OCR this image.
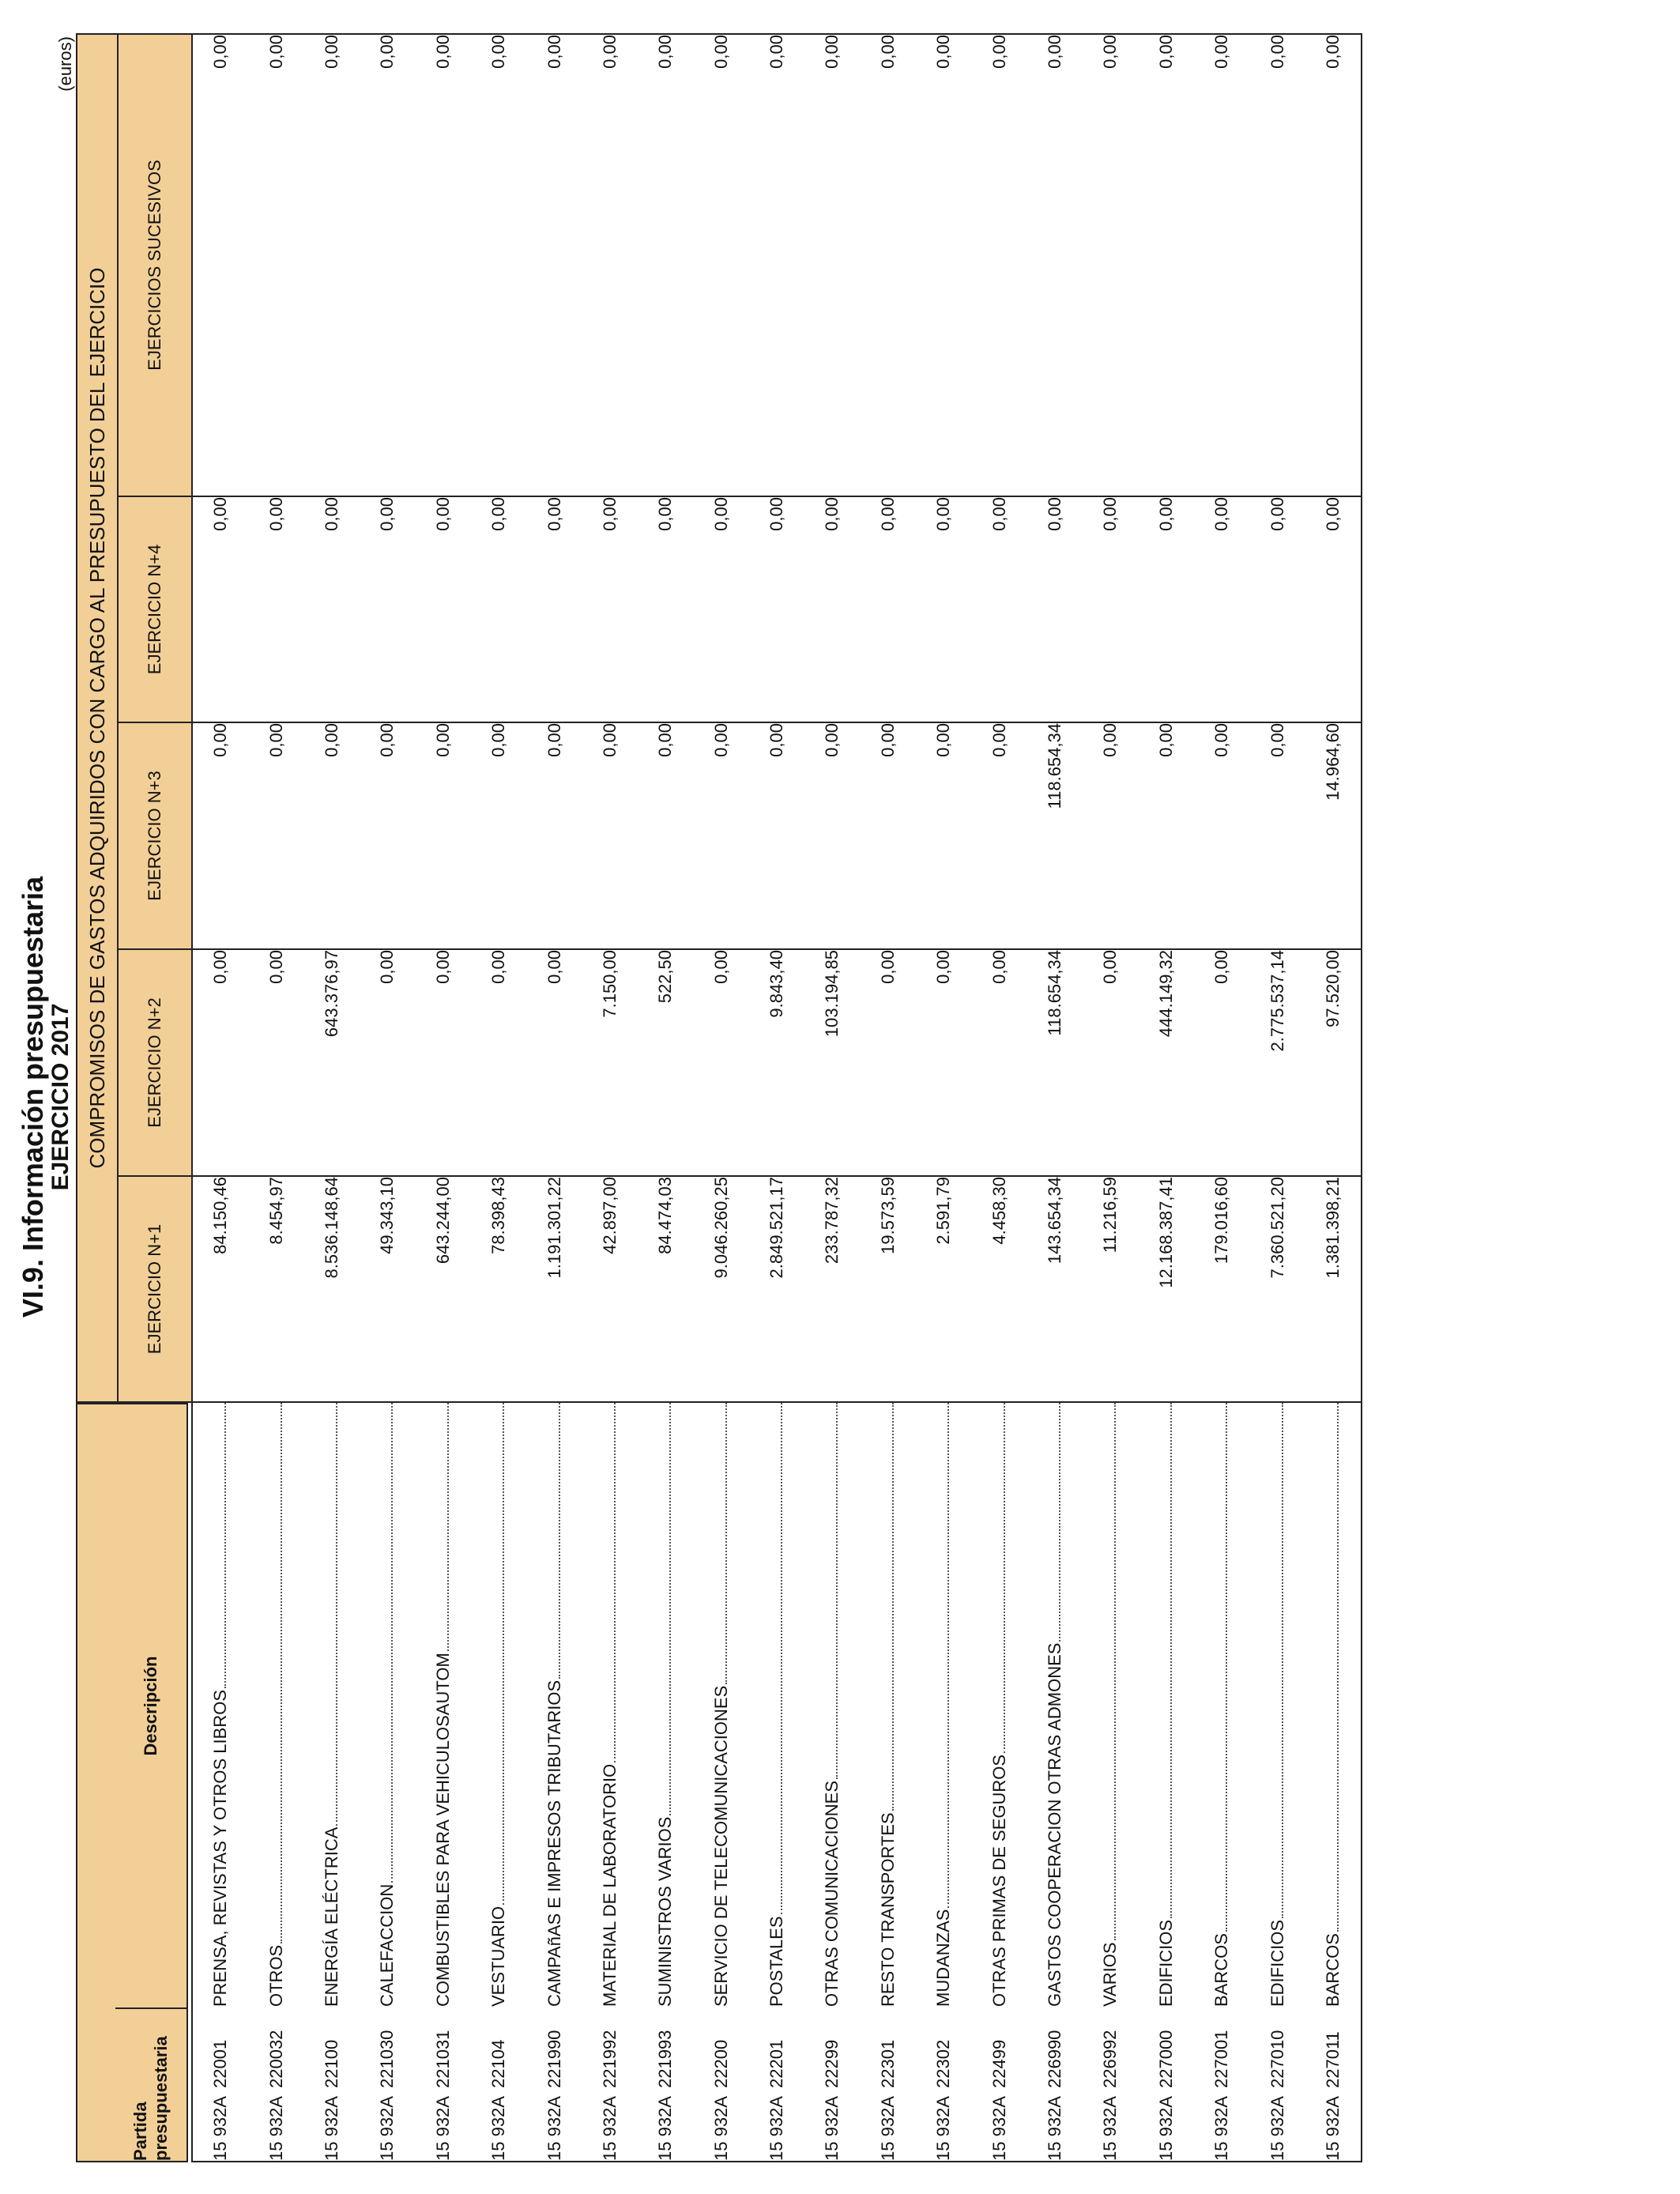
VI.9. Información presupuestaria
EJERCICIO 2017
(euros)
		COMPROMISOS DE GASTOS ADQUIRIDOS CON CARGO AL PRESUPUESTO DEL EJERCICIO				
		EJERCICIO N+1	EJERCICIO N+2	EJERCICIO N+3	EJERCICIO N+4	EJERCICIOS SUCESIVOS
15 932A22001	PRENSA, REVISTAS Y OTROS LIBROS	84.150,46	0,00	0,00	0,00	0,00
15 932A220032	OTROS	8.454,97	0,00	0,00	0,00	0,00
15 932A22100	ENERGÍA ELÉCTRICA	8.536.148,64	643.376,97	0,00	0,00	0,00
15 932A221030	CALEFACCION	49.343,10	0,00	0,00	0,00	0,00
15 932A221031	COMBUSTIBLES PARA VEHICULOSAUTOM	643.244,00	0,00	0,00	0,00	0,00
15 932A22104	VESTUARIO	78.398,43	0,00	0,00	0,00	0,00
15 932A221990	CAMPAñAS E IMPRESOS TRIBUTARIOS	1.191.301,22	0,00	0,00	0,00	0,00
15 932A221992	MATERIAL DE LABORATORIO	42.897,00	7.150,00	0,00	0,00	0,00
15 932A221993	SUMINISTROS VARIOS	84.474,03	522,50	0,00	0,00	0,00
15 932A22200	SERVICIO DE TELECOMUNICACIONES	9.046.260,25	0,00	0,00	0,00	0,00
15 932A22201	POSTALES	2.849.521,17	9.843,40	0,00	0,00	0,00
15 932A22299	OTRAS COMUNICACIONES	233.787,32	103.194,85	0,00	0,00	0,00
15 932A22301	RESTO TRANSPORTES	19.573,59	0,00	0,00	0,00	0,00
15 932A22302	MUDANZAS	2.591,79	0,00	0,00	0,00	0,00
15 932A22499	OTRAS PRIMAS DE SEGUROS	4.458,30	0,00	0,00	0,00	0,00
15 932A226990	GASTOS COOPERACION OTRAS ADMONES	143.654,34	118.654,34	118.654,34	0,00	0,00
15 932A226992	VARIOS	11.216,59	0,00	0,00	0,00	0,00
15 932A227000	EDIFICIOS	12.168.387,41	444.149,32	0,00	0,00	0,00
15 932A227001	BARCOS	179.016,60	0,00	0,00	0,00	0,00
15 932A227010	EDIFICIOS	7.360.521,20	2.775.537,14	0,00	0,00	0,00
15 932A227011	BARCOS	1.381.398,21	97.520,00	14.964,60	0,00	0,00
Partida presupuestaria
Descripción
